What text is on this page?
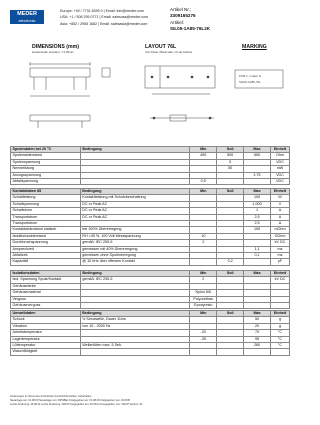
MEDER
electronic
Europe: +49 / 7731 8399 0 | Email: info@meder.com
USA: +1 / 508 295 0771 | Email: salesusa@meder.com
Asia: +852 / 2955 1682 | Email: salesasia@meder.com
Artikel Nr.:
3309165276
Artikel:
SIL05-1A85-76L2K
PCB 2 • Ixlasc N
SIL05-1A85-76L
DIMENSIONS (mm)
Gesamtmaß: erweitert. = 0,25mm
LAYOUT 76L
Von hinten / Back side / Vu de l'arrière
MARKING
Spulendaten bei 20 °C	Bedingung	Min	Soll	Max	Einheit
Spulenwiderstand		450	500	550	Ohm
Spulenspannung			5		VDC
Nennleistung			50		mW
Anzugsspannung				3,75	VDC
Abfallspannung		0,5			VDC
Kontaktdaten 85	Bedingung	Min	Soll	Max	Einheit
Schaltleistung	Kontaktleistung mit Schutzbeschaltung			100	W
Schaltspannung	DC or Peak AC			1.000	V
Schaltstrom	DC or Peak AC			1	A
Transportstrom	DC or Peak AC			2,5	A
Transportstrom				2,5	A
Kontaktwiderstand statisch	bei 100% Übererregung			150	mOhm
Isolationswiderstand	RH <45 %, 100 Volt Messspannung	10			GOhm
Durchbruchspannung	gemäß: IEC 255-5	2			kV DC
Ansprechzeit	gemessen mit 40% Übererregung			1,1	ms
Abfallzeit	gemessen ohne Spulenerregung			0,1	ms
Kapazität	@ 10 kHz über offenem Kontakt		0,2		pF
Isolationsdaten	Bedingung	Min	Soll	Max	Einheit
Isol. Spannung Spule/Kontakt	gemäß: IEC 255-5	2			kV DC
Gehäusefarbe					
Gehäusematerial		Nylon 6/6			
Verguss		Polyurethan			
Gehäuseverguss		Epoxyresin			
Umweltdaten	Bedingung	Min	Soll	Max	Einheit
Schock	½ Sinuswelle, Dauer 11ms			50	g
Vibration	von 10 - 2000 Hz			20	g
Arbeitstemperatur		-20		70	°C
Lagertemperatur		-35		95	°C
Löttemperatur	Wellenlöten max. 5 Sek.			260	°C
Waschfähigkeit					
Änderungen im Sinne des technischen Fortschritts bleiben vorbehalten
Neuanlage am: 01.08.00 Neuanlage von: RPOBEL Freigegeben am: 01.08.00 Freigegeben von: ZLOKB
Letzte Änderung: 26.08.11 Letzte Änderung: CRUP Freigegeben am: 26.08.11 Freigegeben von: CRUP Version: 02
